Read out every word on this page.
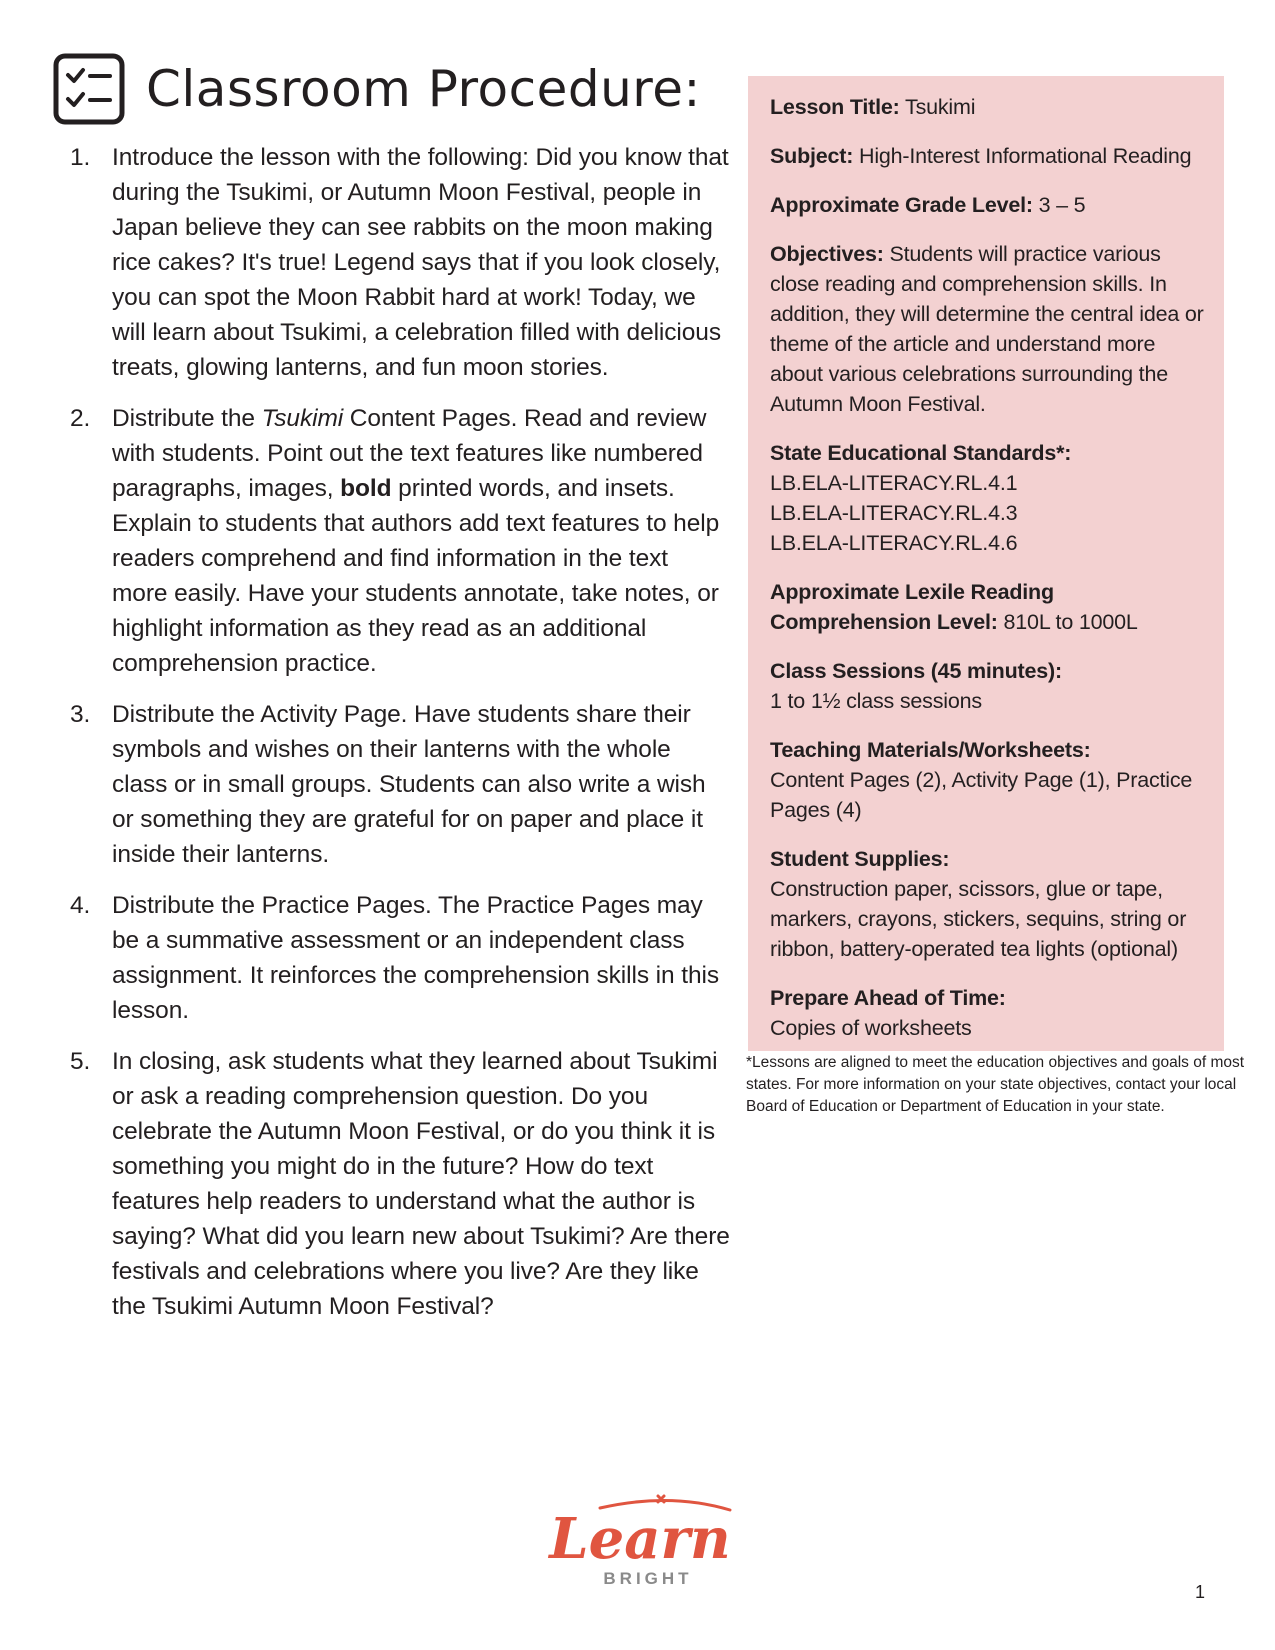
Classroom Procedure:
1. Introduce the lesson with the following: Did you know that during the Tsukimi, or Autumn Moon Festival, people in Japan believe they can see rabbits on the moon making rice cakes? It's true! Legend says that if you look closely, you can spot the Moon Rabbit hard at work! Today, we will learn about Tsukimi, a celebration filled with delicious treats, glowing lanterns, and fun moon stories.
2. Distribute the Tsukimi Content Pages. Read and review with students. Point out the text features like numbered paragraphs, images, bold printed words, and insets. Explain to students that authors add text features to help readers comprehend and find information in the text more easily. Have your students annotate, take notes, or highlight information as they read as an additional comprehension practice.
3. Distribute the Activity Page. Have students share their symbols and wishes on their lanterns with the whole class or in small groups. Students can also write a wish or something they are grateful for on paper and place it inside their lanterns.
4. Distribute the Practice Pages. The Practice Pages may be a summative assessment or an independent class assignment. It reinforces the comprehension skills in this lesson.
5. In closing, ask students what they learned about Tsukimi or ask a reading comprehension question. Do you celebrate the Autumn Moon Festival, or do you think it is something you might do in the future? How do text features help readers to understand what the author is saying? What did you learn new about Tsukimi? Are there festivals and celebrations where you live? Are they like the Tsukimi Autumn Moon Festival?
Lesson Title: Tsukimi
Subject: High-Interest Informational Reading
Approximate Grade Level: 3 – 5
Objectives: Students will practice various close reading and comprehension skills. In addition, they will determine the central idea or theme of the article and understand more about various celebrations surrounding the Autumn Moon Festival.
State Educational Standards*:
LB.ELA-LITERACY.RL.4.1
LB.ELA-LITERACY.RL.4.3
LB.ELA-LITERACY.RL.4.6
Approximate Lexile Reading Comprehension Level: 810L to 1000L
Class Sessions (45 minutes):
1 to 1½ class sessions
Teaching Materials/Worksheets:
Content Pages (2), Activity Page (1), Practice Pages (4)
Student Supplies:
Construction paper, scissors, glue or tape, markers, crayons, stickers, sequins, string or ribbon, battery-operated tea lights (optional)
Prepare Ahead of Time:
Copies of worksheets

*Lessons are aligned to meet the education objectives and goals of most states. For more information on your state objectives, contact your local Board of Education or Department of Education in your state.

Learn
BRIGHT
1
